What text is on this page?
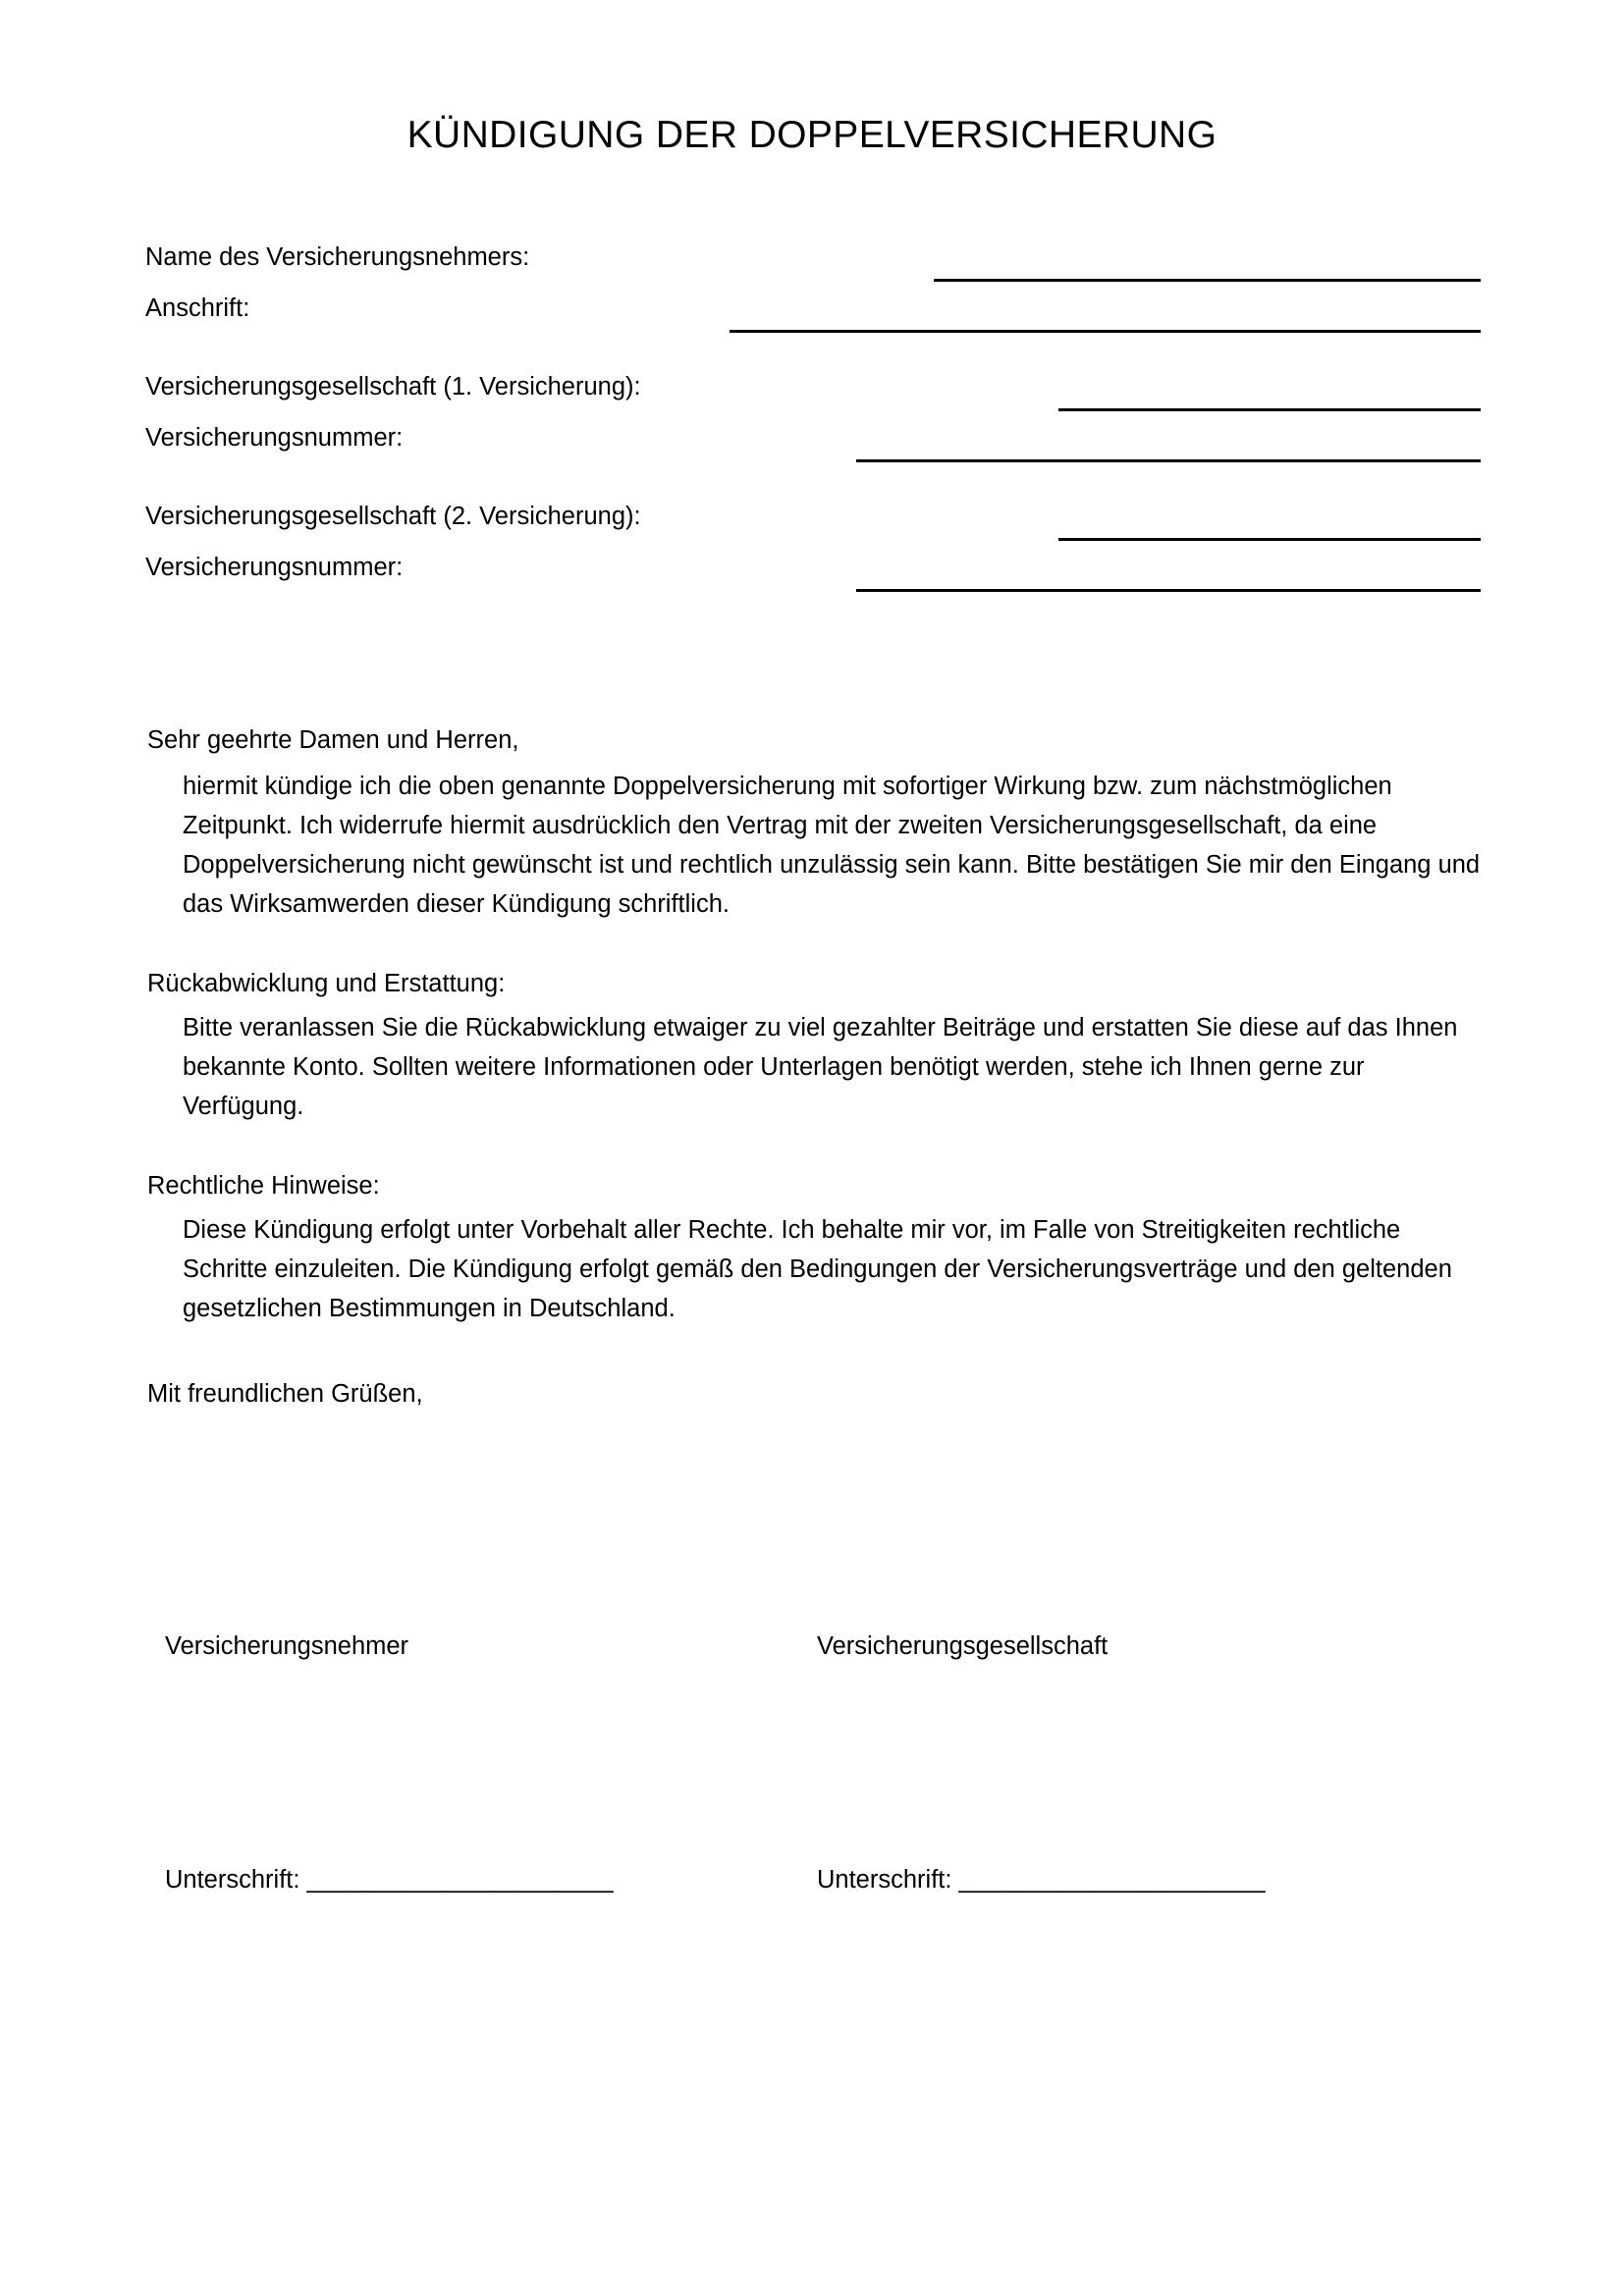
KÜNDIGUNG DER DOPPELVERSICHERUNG
Name des Versicherungsnehmers:
Anschrift:
Versicherungsgesellschaft (1. Versicherung):
Versicherungsnummer:
Versicherungsgesellschaft (2. Versicherung):
Versicherungsnummer:

Sehr geehrte Damen und Herren,

hiermit kündige ich die oben genannte Doppelversicherung mit sofortiger Wirkung bzw. zum nächstmöglichen Zeitpunkt. Ich widerrufe hiermit ausdrücklich den Vertrag mit der zweiten Versicherungsgesellschaft, da eine Doppelversicherung nicht gewünscht ist und rechtlich unzulässig sein kann. Bitte bestätigen Sie mir den Eingang und das Wirksamwerden dieser Kündigung schriftlich.

Rückabwicklung und Erstattung:

Bitte veranlassen Sie die Rückabwicklung etwaiger zu viel gezahlter Beiträge und erstatten Sie diese auf das Ihnen bekannte Konto. Sollten weitere Informationen oder Unterlagen benötigt werden, stehe ich Ihnen gerne zur Verfügung.

Rechtliche Hinweise:

Diese Kündigung erfolgt unter Vorbehalt aller Rechte. Ich behalte mir vor, im Falle von Streitigkeiten rechtliche Schritte einzuleiten. Die Kündigung erfolgt gemäß den Bedingungen der Versicherungsverträge und den geltenden gesetzlichen Bestimmungen in Deutschland.

Mit freundlichen Grüßen,

Versicherungsnehmer	Versicherungsgesellschaft
Unterschrift: ______________________	Unterschrift: ______________________
